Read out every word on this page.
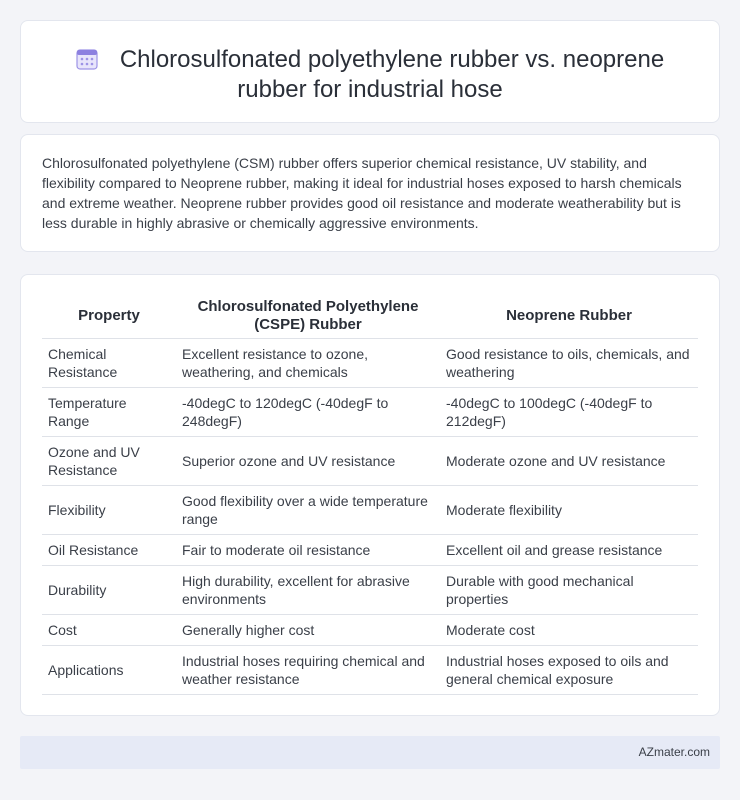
Chlorosulfonated polyethylene rubber vs. neoprene
rubber for industrial hose

Chlorosulfonated polyethylene (CSM) rubber offers superior chemical resistance, UV stability, and flexibility compared to Neoprene rubber, making it ideal for industrial hoses exposed to harsh chemicals and extreme weather. Neoprene rubber provides good oil resistance and moderate weatherability but is less durable in highly abrasive or chemically aggressive environments.

Property	Chlorosulfonated Polyethylene (CSPE) Rubber	Neoprene Rubber
Chemical Resistance	Excellent resistance to ozone, weathering, and chemicals	Good resistance to oils, chemicals, and weathering
Temperature Range	-40degC to 120degC (-40degF to 248degF)	-40degC to 100degC (-40degF to 212degF)
Ozone and UV Resistance	Superior ozone and UV resistance	Moderate ozone and UV resistance
Flexibility	Good flexibility over a wide temperature range	Moderate flexibility
Oil Resistance	Fair to moderate oil resistance	Excellent oil and grease resistance
Durability	High durability, excellent for abrasive environments	Durable with good mechanical properties
Cost	Generally higher cost	Moderate cost
Applications	Industrial hoses requiring chemical and weather resistance	Industrial hoses exposed to oils and general chemical exposure
AZmater.com
